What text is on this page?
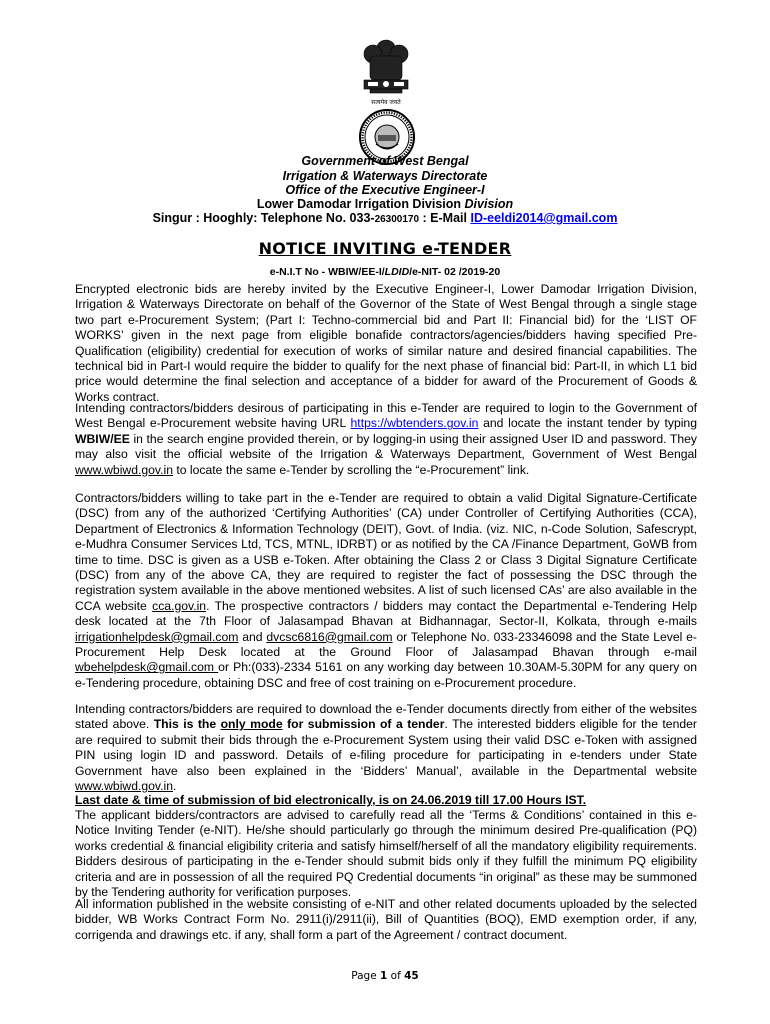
सत्यमेव जयते
Government of West Bengal
Irrigation & Waterways Directorate
Office of the Executive Engineer-I
Lower Damodar Irrigation Division Division
Singur : Hooghly: Telephone No. 033-26300170 : E-Mail ID-eeldi2014@gmail.com
NOTICE INVITING e-TENDER
e-N.I.T No - WBIW/EE-I/LDID/e-NIT- 02 /2019-20

Encrypted electronic bids are hereby invited by the Executive Engineer-I, Lower Damodar Irrigation Division, Irrigation & Waterways Directorate on behalf of the Governor of the State of West Bengal through a single stage two part e-Procurement System; (Part I: Techno-commercial bid and Part II: Financial bid) for the ‘LIST OF WORKS’ given in the next page from eligible bonafide contractors/agencies/bidders having specified Pre-Qualification (eligibility) credential for execution of works of similar nature and desired financial capabilities. The technical bid in Part-I would require the bidder to qualify for the next phase of financial bid: Part-II, in which L1 bid price would determine the final selection and acceptance of a bidder for award of the Procurement of Goods & Works contract.

Intending contractors/bidders desirous of participating in this e-Tender are required to login to the Government of West Bengal e-Procurement website having URL https://wbtenders.gov.in and locate the instant tender by typing WBIW/EE in the search engine provided therein, or by logging-in using their assigned User ID and password. They may also visit the official website of the Irrigation & Waterways Department, Government of West Bengal www.wbiwd.gov.in to locate the same e-Tender by scrolling the “e-Procurement” link.

Contractors/bidders willing to take part in the e-Tender are required to obtain a valid Digital Signature-Certificate (DSC) from any of the authorized ‘Certifying Authorities’ (CA) under Controller of Certifying Authorities (CCA), Department of Electronics & Information Technology (DEIT), Govt. of India. (viz. NIC, n-Code Solution, Safescrypt, e-Mudhra Consumer Services Ltd, TCS, MTNL, IDRBT) or as notified by the CA /Finance Department, GoWB from time to time. DSC is given as a USB e-Token. After obtaining the Class 2 or Class 3 Digital Signature Certificate (DSC) from any of the above CA, they are required to register the fact of possessing the DSC through the registration system available in the above mentioned websites. A list of such licensed CAs’ are also available in the CCA website cca.gov.in. The prospective contractors / bidders may contact the Departmental e-Tendering Help desk located at the 7th Floor of Jalasampad Bhavan at Bidhannagar, Sector-II, Kolkata, through e-mails irrigationhelpdesk@gmail.com and dvcsc6816@gmail.com or Telephone No. 033-23346098 and the State Level e-Procurement Help Desk located at the Ground Floor of Jalasampad Bhavan through e-mail wbehelpdesk@gmail.com or Ph:(033)-2334 5161 on any working day between 10.30AM-5.30PM for any query on e-Tendering procedure, obtaining DSC and free of cost training on e-Procurement procedure.

Intending contractors/bidders are required to download the e-Tender documents directly from either of the websites stated above. This is the only mode for submission of a tender. The interested bidders eligible for the tender are required to submit their bids through the e-Procurement System using their valid DSC e-Token with assigned PIN using login ID and password. Details of e-filing procedure for participating in e-tenders under State Government have also been explained in the ‘Bidders’ Manual’, available in the Departmental website www.wbiwd.gov.in.

Last date & time of submission of bid electronically, is on 24.06.2019 till 17.00 Hours IST.

The applicant bidders/contractors are advised to carefully read all the ‘Terms & Conditions’ contained in this e-Notice Inviting Tender (e-NIT). He/she should particularly go through the minimum desired Pre-qualification (PQ) works credential & financial eligibility criteria and satisfy himself/herself of all the mandatory eligibility requirements. Bidders desirous of participating in the e-Tender should submit bids only if they fulfill the minimum PQ eligibility criteria and are in possession of all the required PQ Credential documents “in original” as these may be summoned by the Tendering authority for verification purposes.

All information published in the website consisting of e-NIT and other related documents uploaded by the selected bidder, WB Works Contract Form No. 2911(i)/2911(ii), Bill of Quantities (BOQ), EMD exemption order, if any, corrigenda and drawings etc. if any, shall form a part of the Agreement / contract document.

Page 1 of 45
